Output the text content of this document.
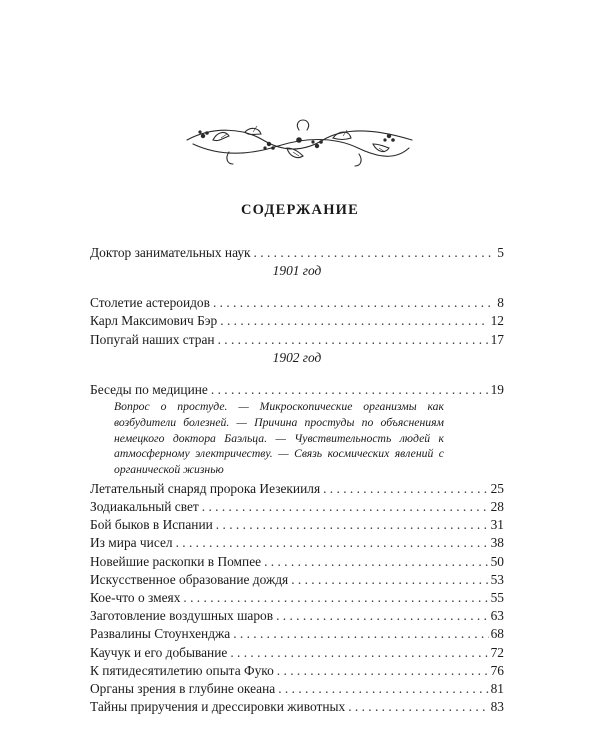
СОДЕРЖАНИЕ
Доктор занимательных наук . . .	5
1901 год
Столетие астероидов . . .	8
Карл Максимович Бэр . . .	12
Попугай наших стран . . .	17
1902 год
Беседы по медицине . . .	19
Вопрос о простуде. — Микроскопические организмы как возбудители болезней. — Причина простуды по объяснениям немецкого доктора Баэльца. — Чувствительность людей к атмосферному электричеству. — Связь космических явлений с органической жизнью
Летательный снаряд пророка Иезекииля . . .	25
Зодиакальный свет . . .	28
Бой быков в Испании . . .	31
Из мира чисел . . .	38
Новейшие раскопки в Помпее . . .	50
Искусственное образование дождя . . .	53
Кое-что о змеях . . .	55
Заготовление воздушных шаров . . .	63
Развалины Стоунхенджа . . .	68
Каучук и его добывание . . .	72
К пятидесятилетию опыта Фуко . . .	76
Органы зрения в глубине океана . . .	81
Тайны приручения и дрессировки животных . . .	83
